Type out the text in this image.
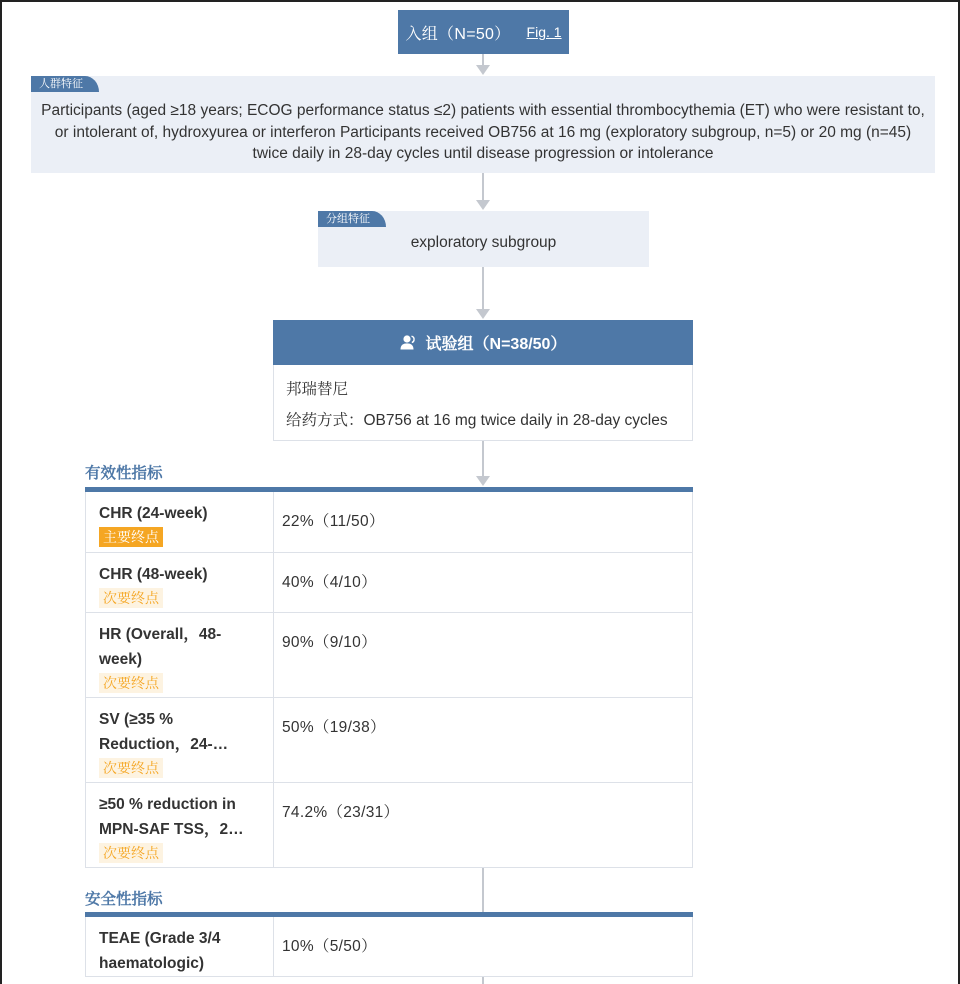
入组（N=50） Fig. 1
人群特征
Participants (aged ≥18 years; ECOG performance status ≤2) patients with essential thrombocythemia (ET) who were resistant to, or intolerant of, hydroxyurea or interferon Participants received OB756 at 16 mg (exploratory subgroup, n=5) or 20 mg (n=45) twice daily in 28-day cycles until disease progression or intolerance
分组特征
exploratory subgroup
试验组（N=38/50）
邦瑞替尼
给药方式：OB756 at 16 mg twice daily in 28-day cycles
有效性指标
CHR (24-week)
主要终点
22%（11/50）
CHR (48-week)
次要终点
40%（4/10）
HR (Overall，48-week)
次要终点
90%（9/10）
SV (≥35 % Reduction，24-…
次要终点
50%（19/38）
≥50 % reduction in MPN-SAF TSS，2…
次要终点
74.2%（23/31）
安全性指标
TEAE (Grade 3/4 haematologic)
10%（5/50）
